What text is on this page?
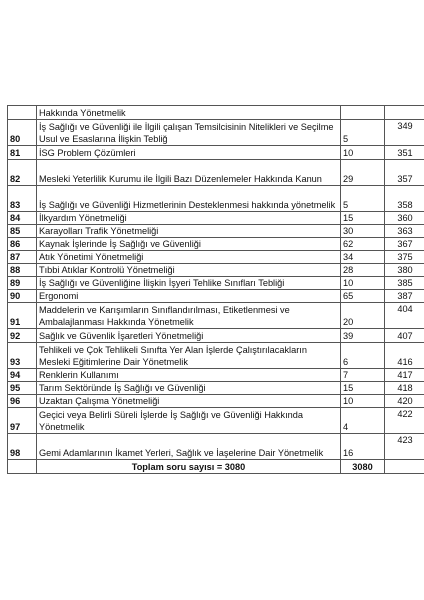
	Hakkında Yönetmelik		
80	İş Sağlığı ve Güvenliği ile İlgili çalışan Temsilcisinin Nitelikleri ve Seçilme Usul ve Esaslarına İlişkin Tebliğ	5	349
81	İSG Problem Çözümleri	10	351
82	Mesleki Yeterlilik Kurumu ile İlgili Bazı Düzenlemeler Hakkında Kanun	29	357
83	İş Sağlığı ve Güvenliği Hizmetlerinin Desteklenmesi hakkında yönetmelik	5	358
84	İlkyardım Yönetmeliği	15	360
85	Karayolları Trafik Yönetmeliği	30	363
86	Kaynak İşlerinde İş Sağlığı ve Güvenliği	62	367
87	Atık Yönetimi Yönetmeliği	34	375
88	Tıbbi Atıklar Kontrolü Yönetmeliği	28	380
89	İş Sağlığı ve Güvenliğine İlişkin İşyeri Tehlike Sınıfları Tebliği	10	385
90	Ergonomi	65	387
91	Maddelerin ve Karışımların Sınıflandırılması, Etiketlenmesi ve Ambalajlanması Hakkında Yönetmelik	20	404
92	Sağlık ve Güvenlik İşaretleri Yönetmeliği	39	407
93	Tehlikeli ve Çok Tehlikeli Sınıfta Yer Alan İşlerde Çalıştırılacakların Mesleki Eğitimlerine Dair Yönetmelik	6	416
94	Renklerin Kullanımı	7	417
95	Tarım Sektöründe İş Sağlığı ve Güvenliği	15	418
96	Uzaktan Çalışma Yönetmeliği	10	420
97	Geçici veya Belirli Süreli İşlerde İş Sağlığı ve Güvenliği Hakkında Yönetmelik	4	422
98	Gemi Adamlarının İkamet Yerleri, Sağlık ve İaşelerine Dair Yönetmelik	16	423
	Toplam soru sayısı = 3080	3080	
